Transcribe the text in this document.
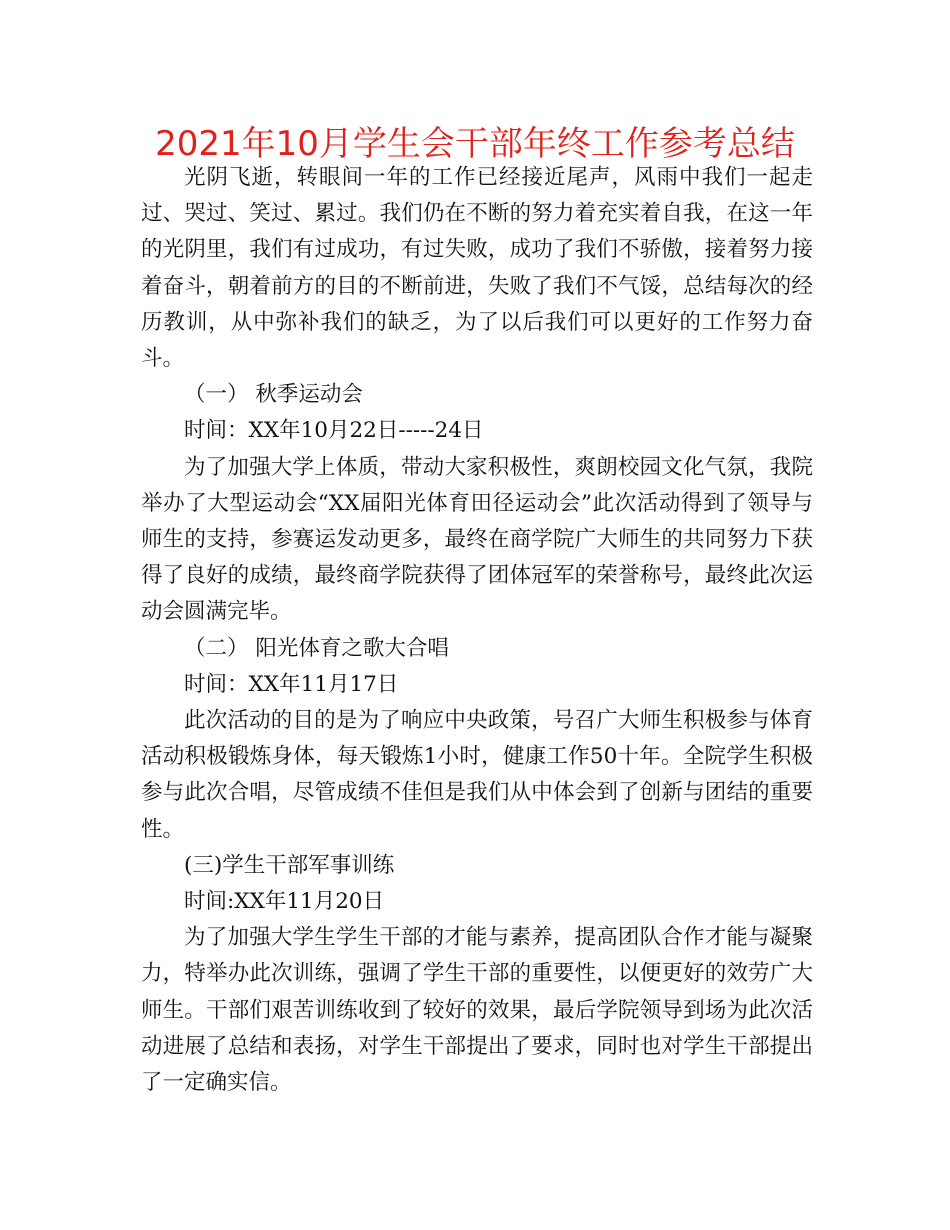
2021年10月学生会干部年终工作参考总结

光阴飞逝，转眼间一年的工作已经接近尾声，风雨中我们一起走过、哭过、笑过、累过。我们仍在不断的努力着充实着自我，在这一年的光阴里，我们有过成功，有过失败，成功了我们不骄傲，接着努力接着奋斗，朝着前方的目的不断前进，失败了我们不气馁，总结每次的经历教训，从中弥补我们的缺乏，为了以后我们可以更好的工作努力奋斗。

（一） 秋季运动会

时间：XX年10月22日-----24日

为了加强大学上体质，带动大家积极性，爽朗校园文化气氛，我院举办了大型运动会“XX届阳光体育田径运动会”此次活动得到了领导与师生的支持，参赛运发动更多，最终在商学院广大师生的共同努力下获得了良好的成绩，最终商学院获得了团体冠军的荣誉称号，最终此次运动会圆满完毕。

（二） 阳光体育之歌大合唱

时间：XX年11月17日

此次活动的目的是为了响应中央政策，号召广大师生积极参与体育活动积极锻炼身体，每天锻炼1小时，健康工作50十年。全院学生积极参与此次合唱，尽管成绩不佳但是我们从中体会到了创新与团结的重要性。

(三)学生干部军事训练

时间:XX年11月20日

为了加强大学生学生干部的才能与素养，提高团队合作才能与凝聚力，特举办此次训练，强调了学生干部的重要性，以便更好的效劳广大师生。干部们艰苦训练收到了较好的效果，最后学院领导到场为此次活动进展了总结和表扬，对学生干部提出了要求，同时也对学生干部提出了一定确实信。
